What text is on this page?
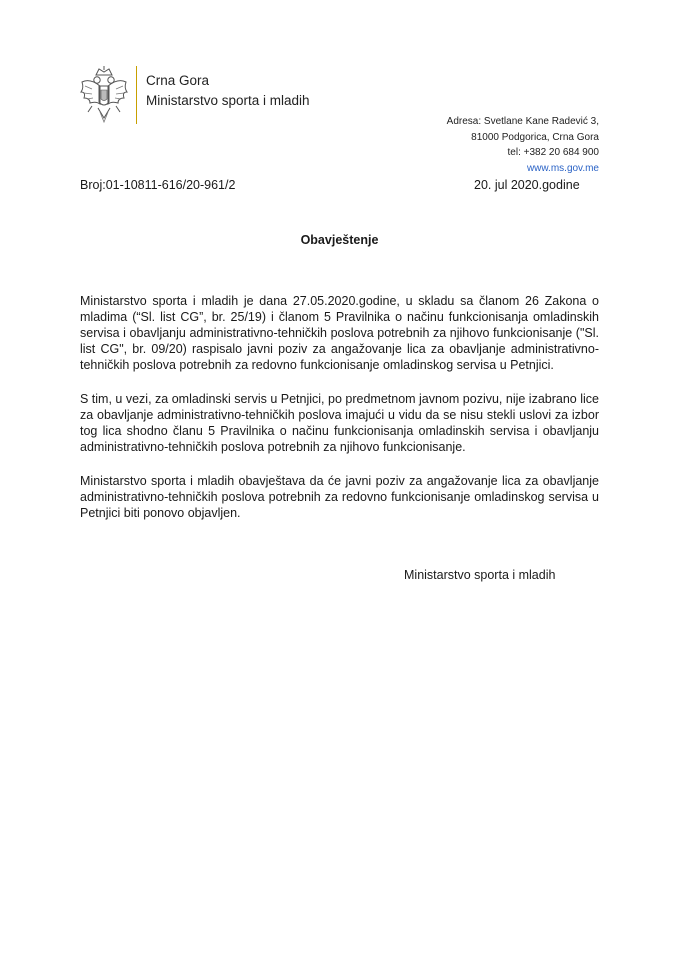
Crna Gora
Ministarstvo sporta i mladih
Adresa: Svetlane Kane Radević 3,
81000 Podgorica, Crna Gora
tel: +382 20 684 900
www.ms.gov.me
Broj:01-10811-616/20-961/2	20. jul 2020.godine
Obavještenje

Ministarstvo sporta i mladih je dana 27.05.2020.godine, u skladu sa članom 26 Zakona o mladima (“Sl. list CG”, br. 25/19) i članom 5 Pravilnika o načinu funkcionisanja omladinskih servisa i obavljanju administrativno-tehničkih poslova potrebnih za njihovo funkcionisanje ("Sl. list CG", br. 09/20) raspisalo javni poziv za angažovanje lica za obavljanje administrativno-tehničkih poslova potrebnih za redovno funkcionisanje omladinskog servisa u Petnjici.

S tim, u vezi, za omladinski servis u Petnjici, po predmetnom javnom pozivu, nije izabrano lice za obavljanje administrativno-tehničkih poslova imajući u vidu da se nisu stekli uslovi za izbor tog lica shodno članu 5 Pravilnika o načinu funkcionisanja omladinskih servisa i obavljanju administrativno-tehničkih poslova potrebnih za njihovo funkcionisanje.

Ministarstvo sporta i mladih obavještava da će javni poziv za angažovanje lica za obavljanje administrativno-tehničkih poslova potrebnih za redovno funkcionisanje omladinskog servisa u Petnjici biti ponovo objavljen.

Ministarstvo sporta i mladih
